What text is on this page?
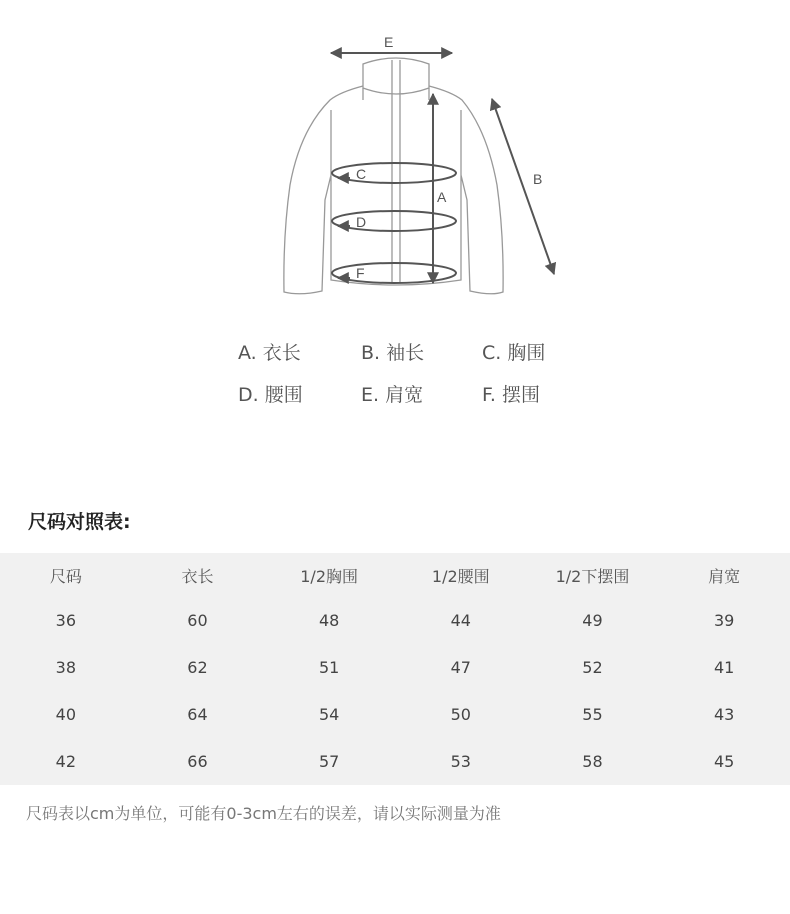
E
A
B
C
D
F
A. 衣长	B. 袖长	C. 胸围
D. 腰围	E. 肩宽	F. 摆围
尺码对照表:
尺码	衣长	1/2胸围	1/2腰围	1/2下摆围	肩宽
36	60	48	44	49	39
38	62	51	47	52	41
40	64	54	50	55	43
42	66	57	53	58	45
尺码表以cm为单位，可能有0-3cm左右的误差，请以实际测量为准
